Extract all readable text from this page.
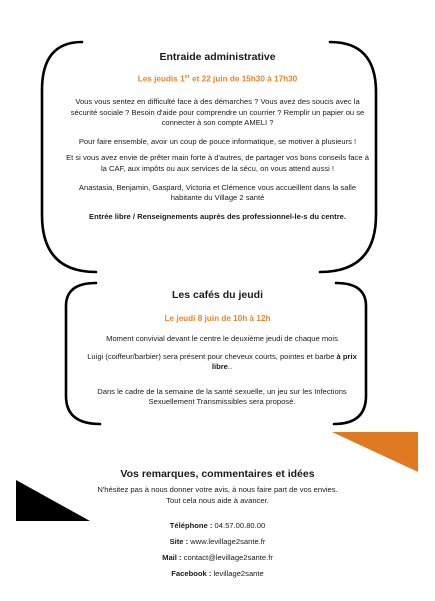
Entraide administrative
Les jeudis 1er et 22 juin de 15h30 à 17h30

Vous vous sentez en difficulté face à des démarches ? Vous avez des soucis avec la sécurité sociale ? Besoin d'aide pour comprendre un courrier ? Remplir un papier ou se connecter à son compte AMELI ?

Pour faire ensemble, avoir un coup de pouce informatique, se motiver à plusieurs !

Et si vous avez envie de prêter main forte à d'autres, de partager vos bons conseils face à la CAF, aux impôts ou aux services de la sécu, on vous attend aussi !

Anastasia, Benjamin, Gaspard, Victoria et Clémence vous accueillent dans la salle habitante du Village 2 santé

Entrée libre / Renseignements auprès des professionnel-le-s du centre.

Les cafés du jeudi
Le jeudi 8 juin de 10h à 12h

Moment convivial devant le centre le deuxième jeudi de chaque mois

Luigi (coiffeur/barbier) sera présent pour cheveux courts, pointes et barbe à prix libre..

Dans le cadre de la semaine de la santé sexuelle, un jeu sur les Infections Sexuellement Transmissibles sera proposé.

Vos remarques, commentaires et idées
N'hésitez pas à nous donner votre avis, à nous faire part de vos envies.
Tout cela nous aide à avancer.
Téléphone : 04.57.00.80.00
Site : www.levillage2sante.fr
Mail : contact@levillage2sante.fr
Facebook : levillage2sante
